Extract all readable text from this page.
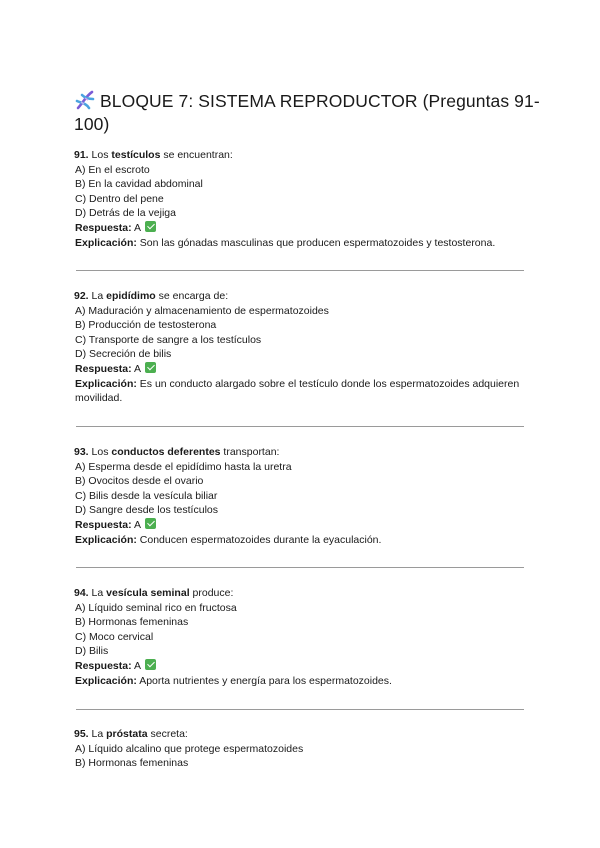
BLOQUE 7: SISTEMA REPRODUCTOR (Preguntas 91-100)

91. Los testículos se encuentran:

A) En el escroto

B) En la cavidad abdominal

C) Dentro del pene

D) Detrás de la vejiga

Respuesta: A

Explicación: Son las gónadas masculinas que producen espermatozoides y testosterona.

92. La epidídimo se encarga de:

A) Maduración y almacenamiento de espermatozoides

B) Producción de testosterona

C) Transporte de sangre a los testículos

D) Secreción de bilis

Respuesta: A

Explicación: Es un conducto alargado sobre el testículo donde los espermatozoides adquieren movilidad.

93. Los conductos deferentes transportan:

A) Esperma desde el epidídimo hasta la uretra

B) Ovocitos desde el ovario

C) Bilis desde la vesícula biliar

D) Sangre desde los testículos

Respuesta: A

Explicación: Conducen espermatozoides durante la eyaculación.

94. La vesícula seminal produce:

A) Líquido seminal rico en fructosa

B) Hormonas femeninas

C) Moco cervical

D) Bilis

Respuesta: A

Explicación: Aporta nutrientes y energía para los espermatozoides.

95. La próstata secreta:

A) Líquido alcalino que protege espermatozoides

B) Hormonas femeninas
